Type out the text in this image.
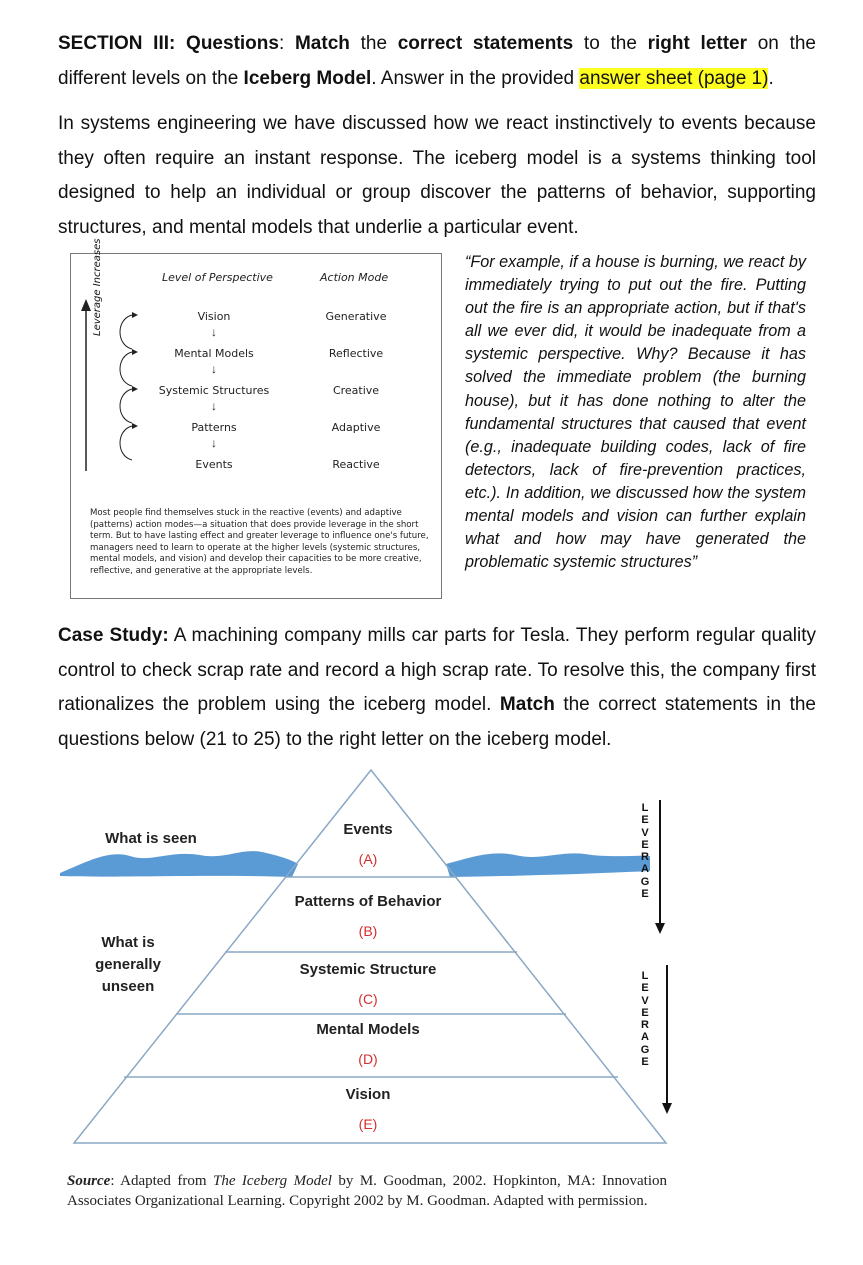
SECTION III: Questions: Match the correct statements to the right letter on the different levels on the Iceberg Model. Answer in the provided answer sheet (page 1).

In systems engineering we have discussed how we react instinctively to events because they often require an instant response. The iceberg model is a systems thinking tool designed to help an individual or group discover the patterns of behavior, supporting structures, and mental models that underlie a particular event.

Level of Perspective	Action Mode
Leverage Increases	Vision
↓
Mental Models
↓
Systemic Structures
↓
Patterns
↓
Events
Generative
Reflective
Creative
Adaptive
Reactive
Most people find themselves stuck in the reactive (events) and adaptive (patterns) action modes—a situation that does provide leverage in the short term. But to have lasting effect and greater leverage to influence one's future, managers need to learn to operate at the higher levels (systemic structures, mental models, and vision) and develop their capacities to be more creative, reflective, and generative at the appropriate levels.

“For example, if a house is burning, we react by immediately trying to put out the fire. Putting out the fire is an appropriate action, but if that's all we ever did, it would be inadequate from a systemic perspective. Why? Because it has solved the immediate problem (the burning house), but it has done nothing to alter the fundamental structures that caused that event (e.g., inadequate building codes, lack of fire detectors, lack of fire-prevention practices, etc.). In addition, we discussed how the system mental models and vision can further explain what and how may have generated the problematic systemic structures”

Case Study: A machining company mills car parts for Tesla. They perform regular quality control to check scrap rate and record a high scrap rate. To resolve this, the company first rationalizes the problem using the iceberg model. Match the correct statements in the questions below (21 to 25) to the right letter on the iceberg model.

Events
(A)
Patterns of Behavior
(B)
Systemic Structure
(C)
Mental Models
(D)
Vision
(E)
What is seen
What is
generally
unseen
L
E
V
E
R
A
G
E
L
E
V
E
R
A
G
E

Source: Adapted from The Iceberg Model by M. Goodman, 2002. Hopkinton, MA: Innovation Associates Organizational Learning. Copyright 2002 by M. Goodman. Adapted with permission.
